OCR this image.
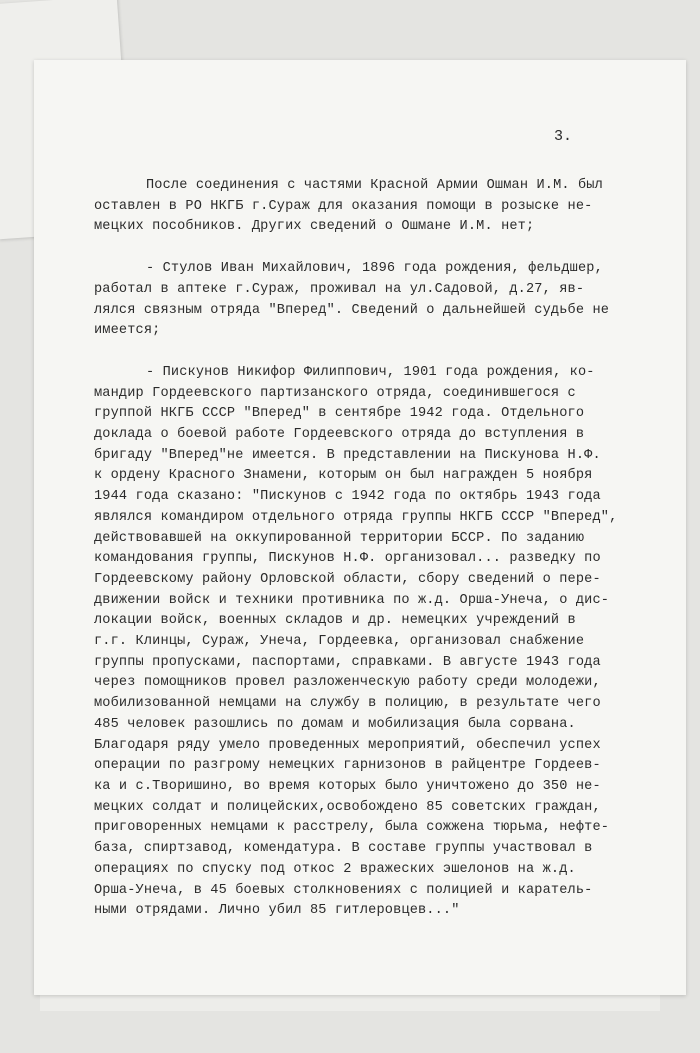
3.
После соединения с частями Красной Армии Ошман И.М. был
оставлен в РО НКГБ г.Сураж для оказания помощи в розыске не-
мецких пособников. Других сведений о Ошмане И.М. нет;
- Стулов Иван Михайлович, 1896 года рождения, фельдшер,
работал в аптеке г.Сураж, проживал на ул.Садовой, д.27, яв-
лялся связным отряда "Вперед". Сведений о дальнейшей судьбе не
имеется;
- Пискунов Никифор Филиппович, 1901 года рождения, ко-
мандир Гордеевского партизанского отряда, соединившегося с
группой НКГБ СССР "Вперед" в сентябре 1942 года. Отдельного
доклада о боевой работе Гордеевского отряда до вступления в
бригаду "Вперед"не имеется. В представлении на Пискунова Н.Ф.
к ордену Красного Знамени, которым он был награжден 5 ноября
1944 года сказано: "Пискунов с 1942 года по октябрь 1943 года
являлся командиром отдельного отряда группы НКГБ СССР "Вперед",
действовавшей на оккупированной территории БССР. По заданию
командования группы, Пискунов Н.Ф. организовал... разведку по
Гордеевскому району Орловской области, сбору сведений о пере-
движении войск и техники противника по ж.д. Орша-Унеча, о дис-
локации войск, военных складов и др. немецких учреждений в
г.г. Клинцы, Сураж, Унеча, Гордеевка, организовал снабжение
группы пропусками, паспортами, справками. В августе 1943 года
через помощников провел разложенческую работу среди молодежи,
мобилизованной немцами на службу в полицию, в результате чего
485 человек разошлись по домам и мобилизация была сорвана.
Благодаря ряду умело проведенных мероприятий, обеспечил успех
операции по разгрому немецких гарнизонов в райцентре Гордеев-
ка и с.Творишино, во время которых было уничтожено до 350 не-
мецких солдат и полицейских,освобождено 85 советских граждан,
приговоренных немцами к расстрелу, была сожжена тюрьма, нефте-
база, спиртзавод, комендатура. В составе группы участвовал в
операциях по спуску под откос 2 вражеских эшелонов на ж.д.
Орша-Унеча, в 45 боевых столкновениях с полицией и каратель-
ными отрядами. Лично убил 85 гитлеровцев..."
